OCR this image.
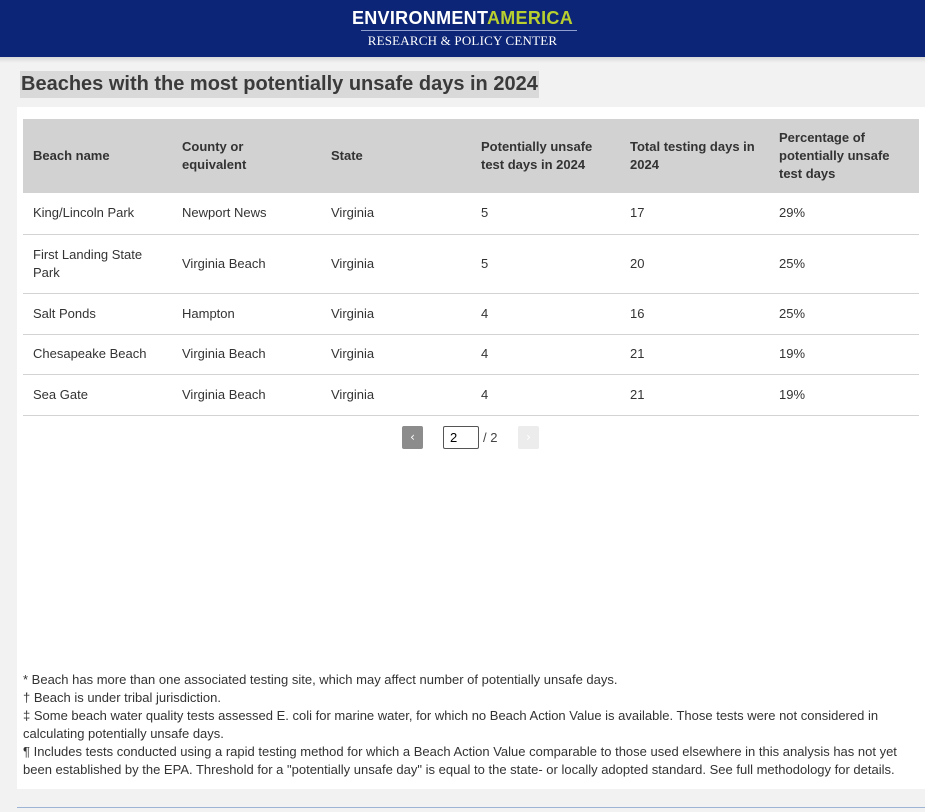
ENVIRONMENTAMERICA
RESEARCH & POLICY CENTER
Beaches with the most potentially unsafe days in 2024
Beach name	County or equivalent	State	Potentially unsafe test days in 2024	Total testing days in 2024	Percentage of potentially unsafe test days
King/Lincoln Park	Newport News	Virginia	5	17	29%
First Landing State Park	Virginia Beach	Virginia	5	20	25%
Salt Ponds	Hampton	Virginia	4	16	25%
Chesapeake Beach	Virginia Beach	Virginia	4	21	19%
Sea Gate	Virginia Beach	Virginia	4	21	19%
‹
2	/ 2	›

* Beach has more than one associated testing site, which may affect number of potentially unsafe days.

† Beach is under tribal jurisdiction.

‡ Some beach water quality tests assessed E. coli for marine water, for which no Beach Action Value is available. Those tests were not considered in calculating potentially unsafe days.

¶ Includes tests conducted using a rapid testing method for which a Beach Action Value comparable to those used elsewhere in this analysis has not yet been established by the EPA. Threshold for a "potentially unsafe day" is equal to the state- or locally adopted standard. See full methodology for details.
